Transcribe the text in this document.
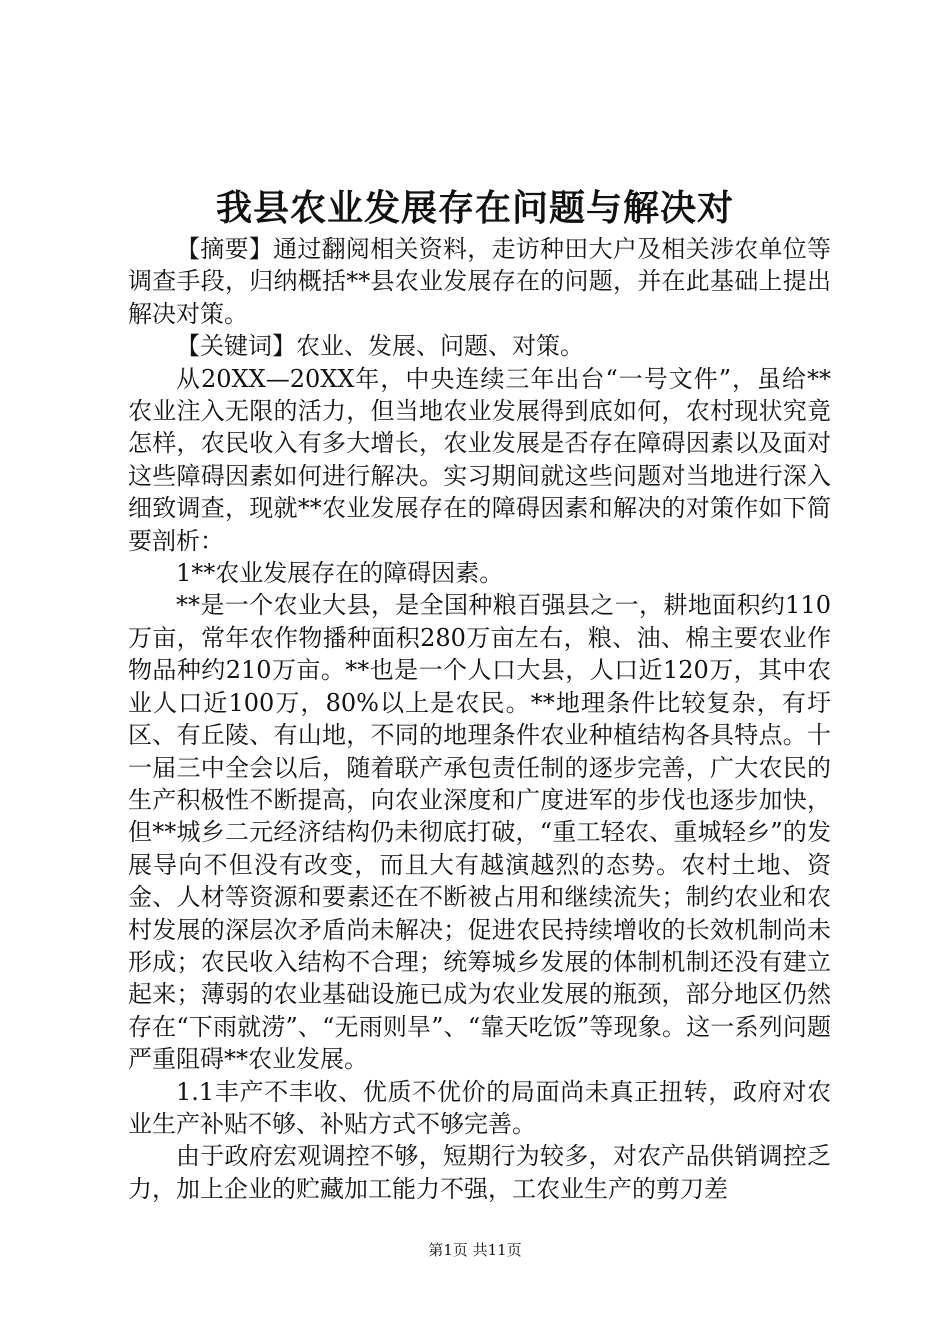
我县农业发展存在问题与解决对

【摘要】通过翻阅相关资料，走访种田大户及相关涉农单位等调查手段，归纳概括**县农业发展存在的问题，并在此基础上提出解决对策。

【关键词】农业、发展、问题、对策。

从20XX—20XX年，中央连续三年出台“一号文件”，虽给**农业注入无限的活力，但当地农业发展得到底如何，农村现状究竟怎样，农民收入有多大增长，农业发展是否存在障碍因素以及面对这些障碍因素如何进行解决。实习期间就这些问题对当地进行深入细致调查，现就**农业发展存在的障碍因素和解决的对策作如下简要剖析：

1**农业发展存在的障碍因素。

**是一个农业大县，是全国种粮百强县之一，耕地面积约110万亩，常年农作物播种面积280万亩左右，粮、油、棉主要农业作物品种约210万亩。**也是一个人口大县，人口近120万，其中农业人口近100万，80%以上是农民。**地理条件比较复杂，有圩区、有丘陵、有山地，不同的地理条件农业种植结构各具特点。十一届三中全会以后，随着联产承包责任制的逐步完善，广大农民的生产积极性不断提高，向农业深度和广度进军的步伐也逐步加快，但**城乡二元经济结构仍未彻底打破，“重工轻农、重城轻乡”的发展导向不但没有改变，而且大有越演越烈的态势。农村土地、资金、人材等资源和要素还在不断被占用和继续流失；制约农业和农村发展的深层次矛盾尚未解决；促进农民持续增收的长效机制尚未形成；农民收入结构不合理；统筹城乡发展的体制机制还没有建立起来；薄弱的农业基础设施已成为农业发展的瓶颈，部分地区仍然存在“下雨就涝”、“无雨则旱”、“靠天吃饭”等现象。这一系列问题严重阻碍**农业发展。

1.1丰产不丰收、优质不优价的局面尚未真正扭转，政府对农业生产补贴不够、补贴方式不够完善。

由于政府宏观调控不够，短期行为较多，对农产品供销调控乏力，加上企业的贮藏加工能力不强，工农业生产的剪刀差

第1页 共11页
